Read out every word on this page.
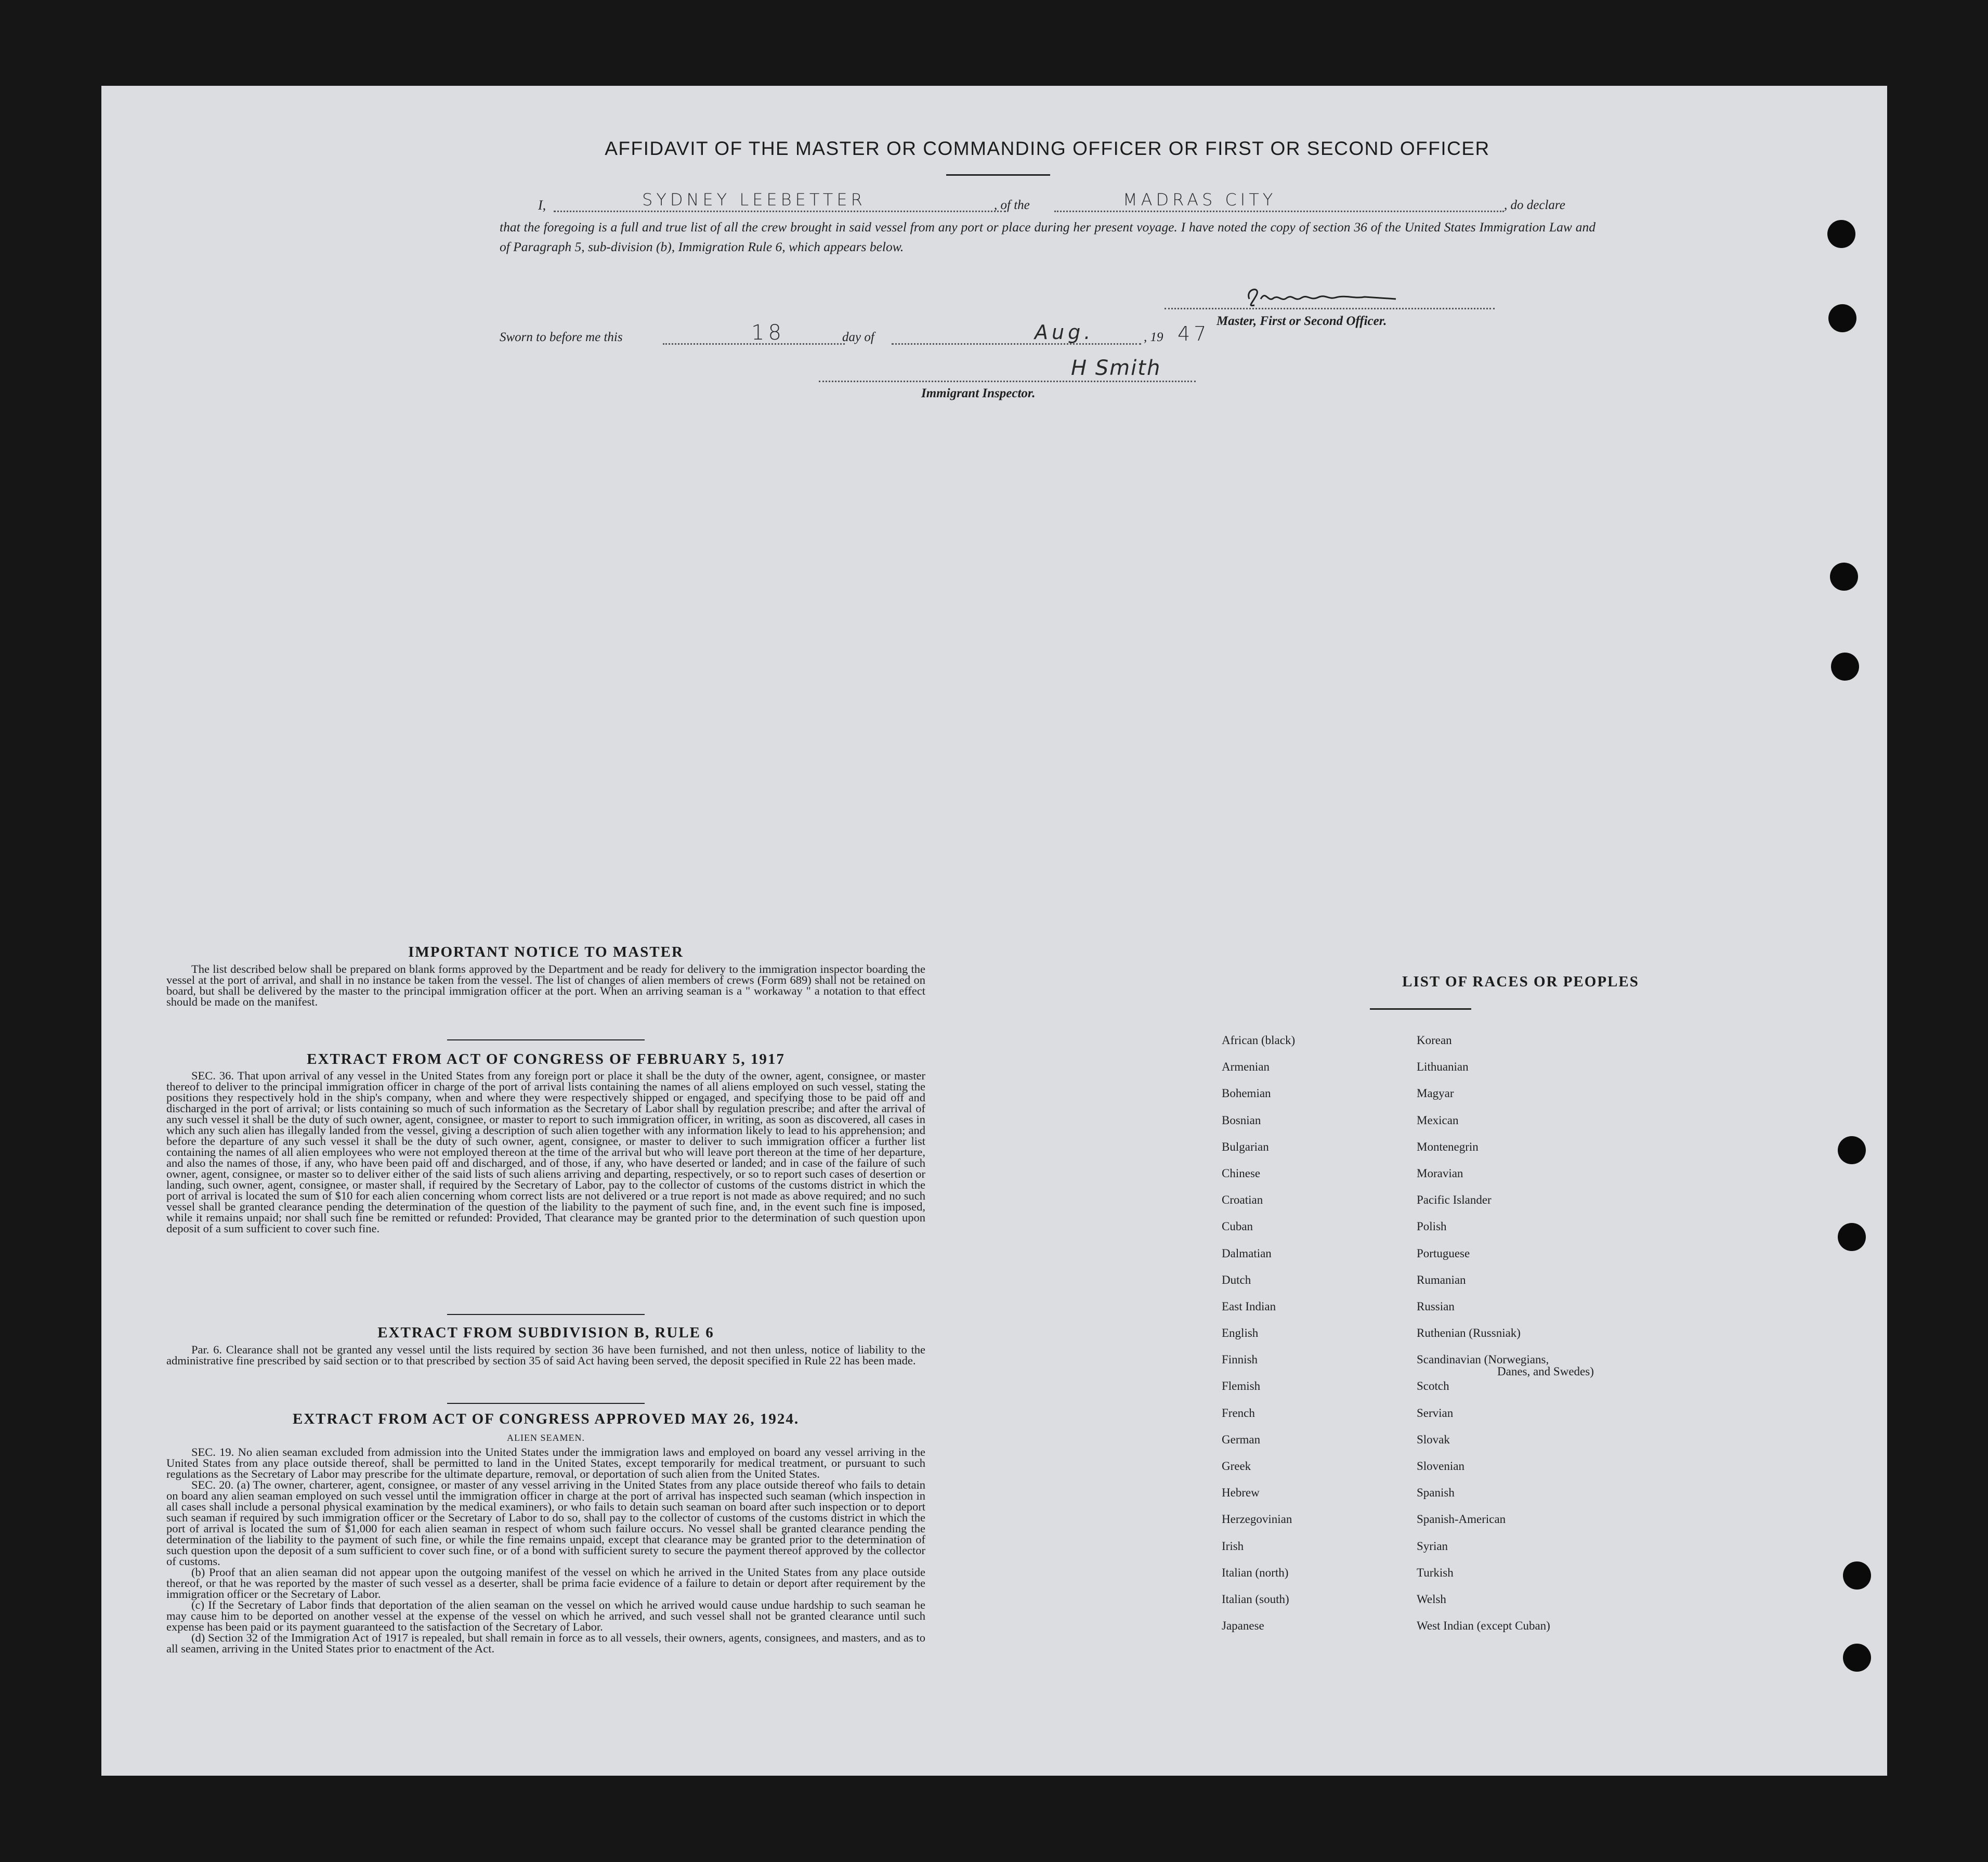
AFFIDAVIT OF THE MASTER OR COMMANDING OFFICER OR FIRST OR SECOND OFFICER
I,	SYDNEY LEEBETTER	, of the	MADRAS CITY	, do declare
that the foregoing is a full and true list of all the crew brought in said vessel from any port or place during her present voyage. I have noted the copy of section 36 of the United States Immigration Law and of Paragraph 5, sub-division (b), Immigration Rule 6, which appears below.
Master, First or Second Officer.
Sworn to before me this	18	day of	Aug.	, 19 47
H Smith
Immigrant Inspector.
IMPORTANT NOTICE TO MASTER

The list described below shall be prepared on blank forms approved by the Department and be ready for delivery to the immigration inspector boarding the vessel at the port of arrival, and shall in no instance be taken from the vessel. The list of changes of alien members of crews (Form 689) shall not be retained on board, but shall be delivered by the master to the principal immigration officer at the port. When an arriving seaman is a " workaway " a notation to that effect should be made on the manifest.

EXTRACT FROM ACT OF CONGRESS OF FEBRUARY 5, 1917

SEC. 36. That upon arrival of any vessel in the United States from any foreign port or place it shall be the duty of the owner, agent, consignee, or master thereof to deliver to the principal immigration officer in charge of the port of arrival lists containing the names of all aliens employed on such vessel, stating the positions they respectively hold in the ship's company, when and where they were respectively shipped or engaged, and specifying those to be paid off and discharged in the port of arrival; or lists containing so much of such information as the Secretary of Labor shall by regulation prescribe; and after the arrival of any such vessel it shall be the duty of such owner, agent, consignee, or master to report to such immigration officer, in writing, as soon as discovered, all cases in which any such alien has illegally landed from the vessel, giving a description of such alien together with any information likely to lead to his apprehension; and before the departure of any such vessel it shall be the duty of such owner, agent, consignee, or master to deliver to such immigration officer a further list containing the names of all alien employees who were not employed thereon at the time of the arrival but who will leave port thereon at the time of her departure, and also the names of those, if any, who have been paid off and discharged, and of those, if any, who have deserted or landed; and in case of the failure of such owner, agent, consignee, or master so to deliver either of the said lists of such aliens arriving and departing, respectively, or so to report such cases of desertion or landing, such owner, agent, consignee, or master shall, if required by the Secretary of Labor, pay to the collector of customs of the customs district in which the port of arrival is located the sum of $10 for each alien concerning whom correct lists are not delivered or a true report is not made as above required; and no such vessel shall be granted clearance pending the determination of the question of the liability to the payment of such fine, and, in the event such fine is imposed, while it remains unpaid; nor shall such fine be remitted or refunded: Provided, That clearance may be granted prior to the determination of such question upon deposit of a sum sufficient to cover such fine.

EXTRACT FROM SUBDIVISION B, RULE 6

Par. 6. Clearance shall not be granted any vessel until the lists required by section 36 have been furnished, and not then unless, notice of liability to the administrative fine prescribed by said section or to that prescribed by section 35 of said Act having been served, the deposit specified in Rule 22 has been made.

EXTRACT FROM ACT OF CONGRESS APPROVED MAY 26, 1924.
ALIEN SEAMEN.

SEC. 19. No alien seaman excluded from admission into the United States under the immigration laws and employed on board any vessel arriving in the United States from any place outside thereof, shall be permitted to land in the United States, except temporarily for medical treatment, or pursuant to such regulations as the Secretary of Labor may prescribe for the ultimate departure, removal, or deportation of such alien from the United States.

SEC. 20. (a) The owner, charterer, agent, consignee, or master of any vessel arriving in the United States from any place outside thereof who fails to detain on board any alien seaman employed on such vessel until the immigration officer in charge at the port of arrival has inspected such seaman (which inspection in all cases shall include a personal physical examination by the medical examiners), or who fails to detain such seaman on board after such inspection or to deport such seaman if required by such immigration officer or the Secretary of Labor to do so, shall pay to the collector of customs of the customs district in which the port of arrival is located the sum of $1,000 for each alien seaman in respect of whom such failure occurs. No vessel shall be granted clearance pending the determination of the liability to the payment of such fine, or while the fine remains unpaid, except that clearance may be granted prior to the determination of such question upon the deposit of a sum sufficient to cover such fine, or of a bond with sufficient surety to secure the payment thereof approved by the collector of customs.

(b) Proof that an alien seaman did not appear upon the outgoing manifest of the vessel on which he arrived in the United States from any place outside thereof, or that he was reported by the master of such vessel as a deserter, shall be prima facie evidence of a failure to detain or deport after requirement by the immigration officer or the Secretary of Labor.

(c) If the Secretary of Labor finds that deportation of the alien seaman on the vessel on which he arrived would cause undue hardship to such seaman he may cause him to be deported on another vessel at the expense of the vessel on which he arrived, and such vessel shall not be granted clearance until such expense has been paid or its payment guaranteed to the satisfaction of the Secretary of Labor.

(d) Section 32 of the Immigration Act of 1917 is repealed, but shall remain in force as to all vessels, their owners, agents, consignees, and masters, and as to all seamen, arriving in the United States prior to enactment of the Act.

LIST OF RACES OR PEOPLES
African (black)
Armenian
Bohemian
Bosnian
Bulgarian
Chinese
Croatian
Cuban
Dalmatian
Dutch
East Indian
English
Finnish
Flemish
French
German
Greek
Hebrew
Herzegovinian
Irish
Italian (north)
Italian (south)
Japanese
Korean
Lithuanian
Magyar
Mexican
Montenegrin
Moravian
Pacific Islander
Polish
Portuguese
Rumanian
Russian
Ruthenian (Russniak)
Scandinavian (Norwegians,
Danes, and Swedes)
Scotch
Servian
Slovak
Slovenian
Spanish
Spanish-American
Syrian
Turkish
Welsh
West Indian (except Cuban)
